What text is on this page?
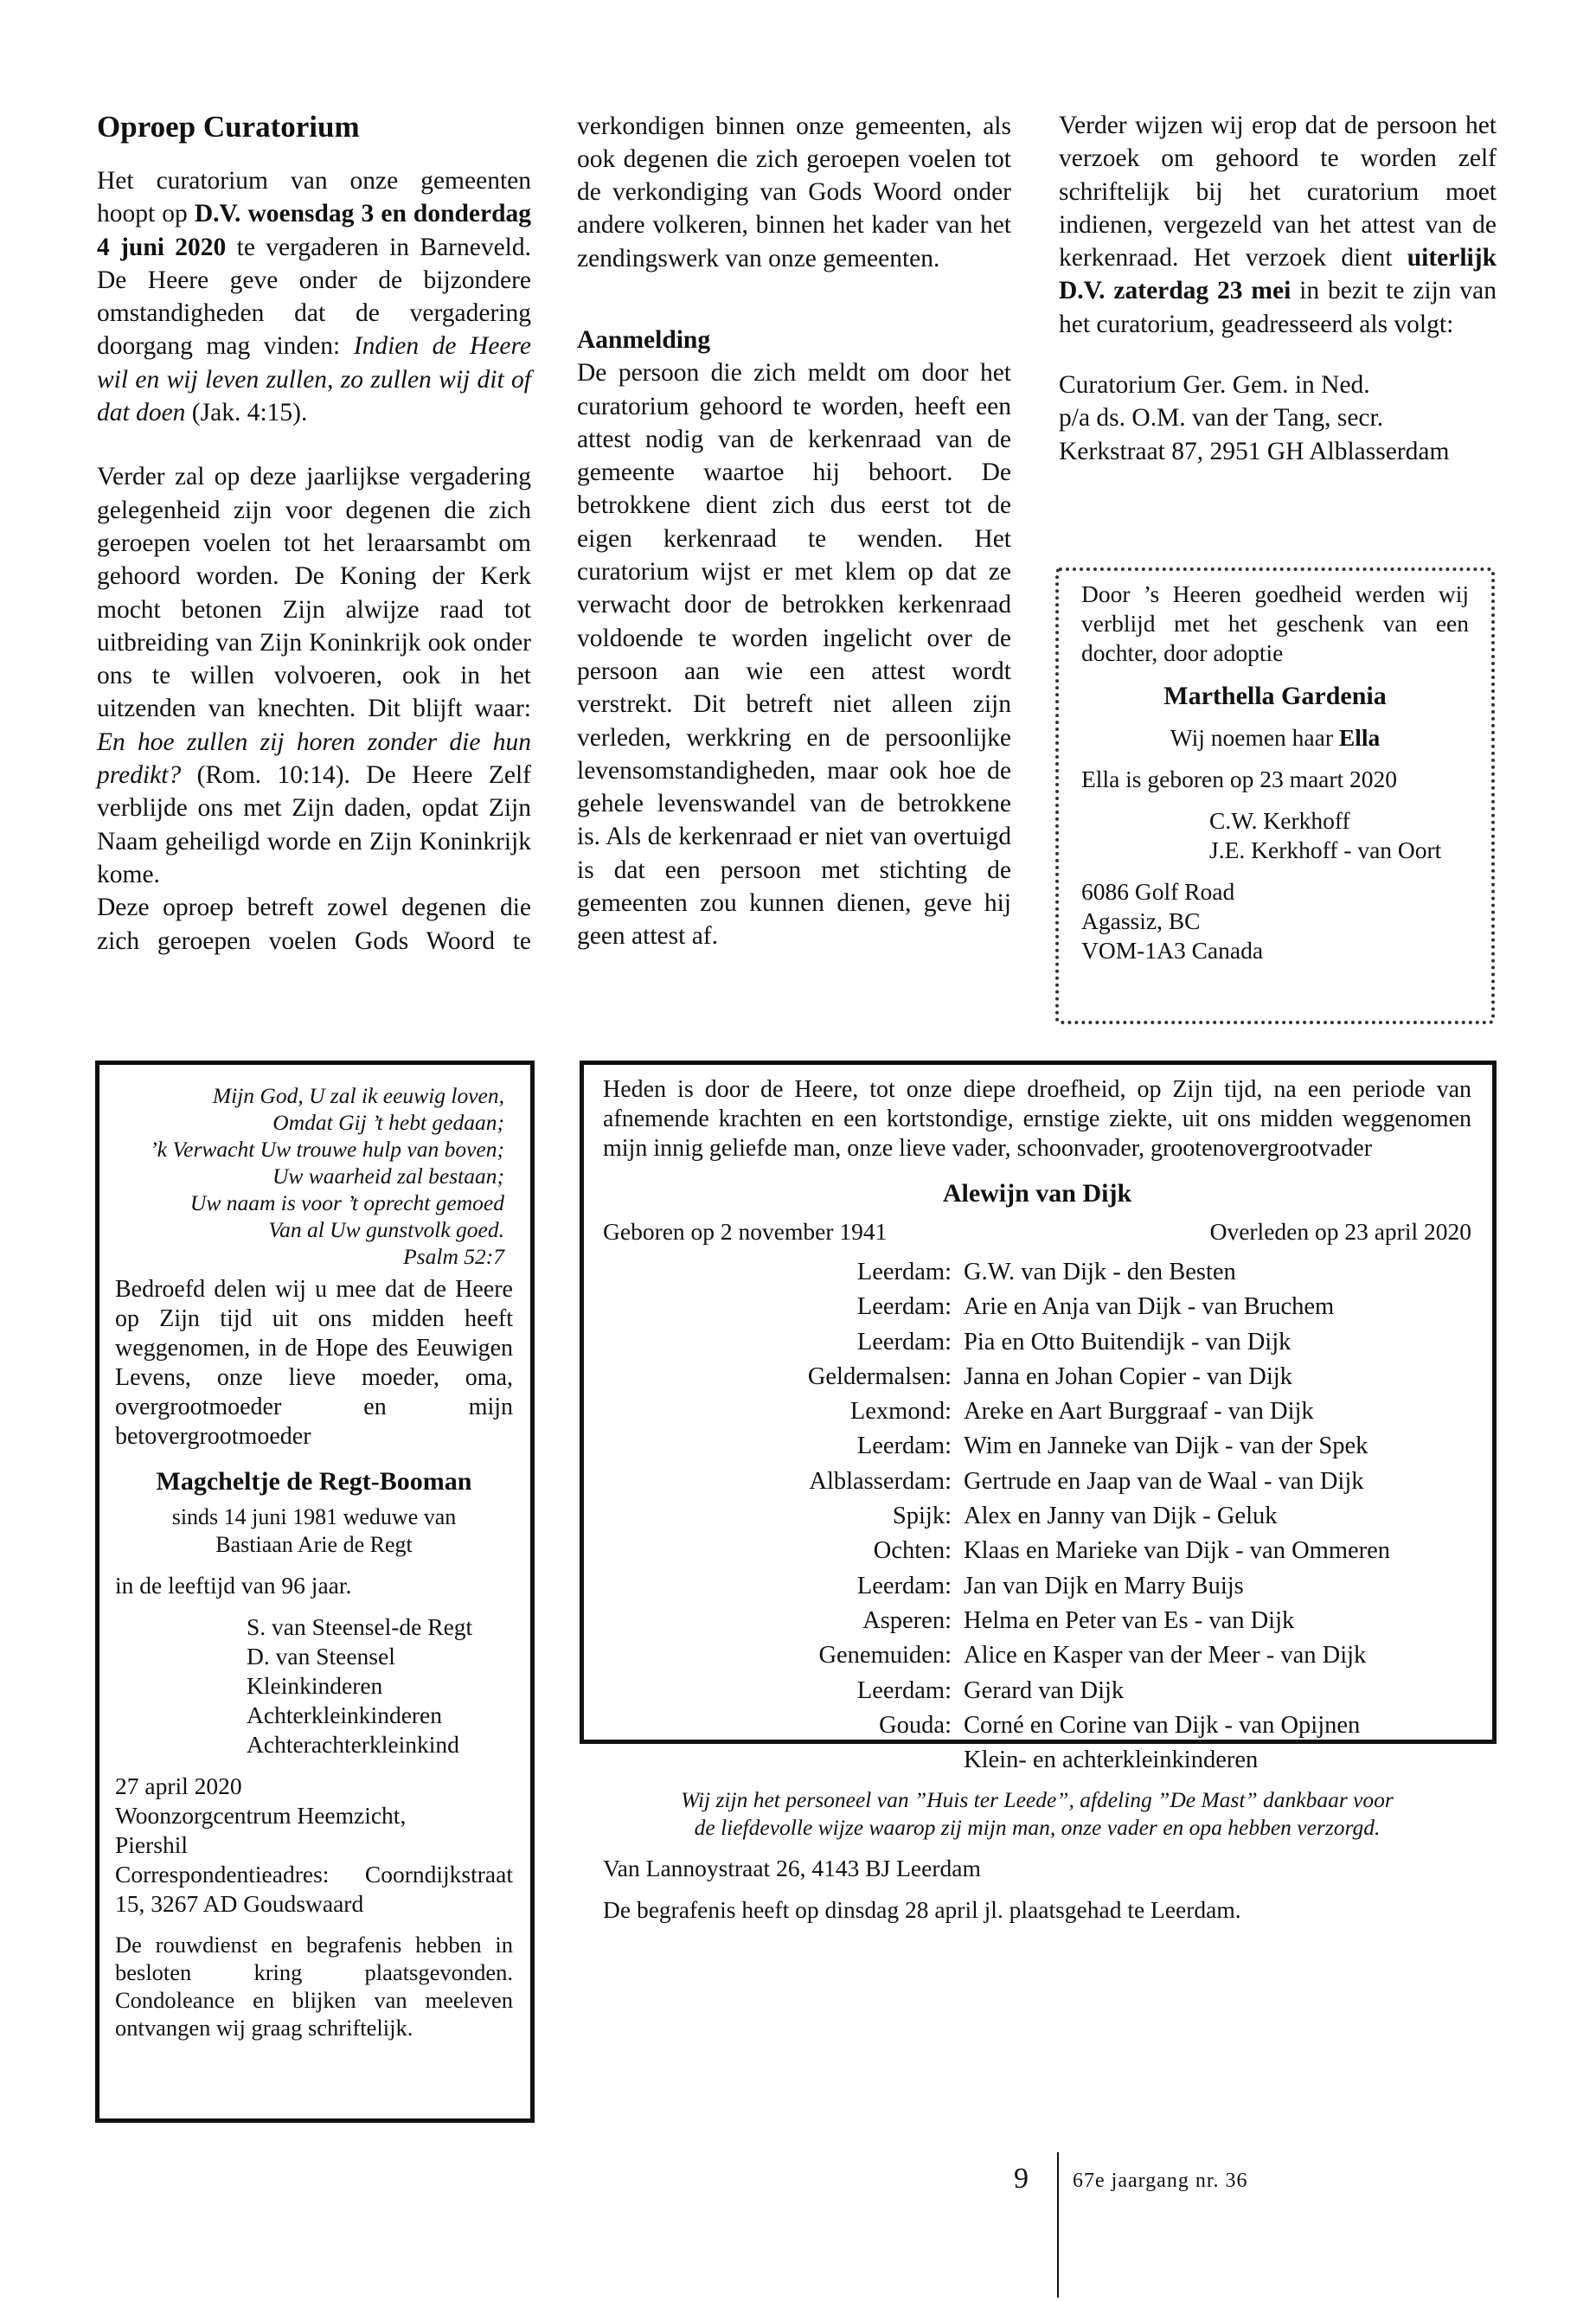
Oproep Curatorium

Het curatorium van onze gemeenten hoopt op D.V. woensdag 3 en donderdag 4 juni 2020 te vergaderen in Barneveld. De Heere geve onder de bijzondere omstandigheden dat de vergadering doorgang mag vinden: Indien de Heere wil en wij leven zullen, zo zullen wij dit of dat doen (Jak. 4:15).

Verder zal op deze jaarlijkse vergadering gelegenheid zijn voor degenen die zich geroepen voelen tot het leraarsambt om gehoord worden. De Koning der Kerk mocht betonen Zijn alwijze raad tot uitbreiding van Zijn Koninkrijk ook onder ons te willen volvoeren, ook in het uitzenden van knechten. Dit blijft waar: En hoe zullen zij horen zonder die hun predikt? (Rom. 10:14). De Heere Zelf verblijde ons met Zijn daden, opdat Zijn Naam geheiligd worde en Zijn Koninkrijk kome.

Deze oproep betreft zowel degenen die zich geroepen voelen Gods Woord te

verkondigen binnen onze gemeenten, als ook degenen die zich geroepen voelen tot de verkondiging van Gods Woord onder andere volkeren, binnen het kader van het zendingswerk van onze gemeenten.

Aanmelding

De persoon die zich meldt om door het curatorium gehoord te worden, heeft een attest nodig van de kerkenraad van de gemeente waartoe hij behoort. De betrokkene dient zich dus eerst tot de eigen kerkenraad te wenden. Het curatorium wijst er met klem op dat ze verwacht door de betrokken kerkenraad voldoende te worden ingelicht over de persoon aan wie een attest wordt verstrekt. Dit betreft niet alleen zijn verleden, werkkring en de persoonlijke levensomstandigheden, maar ook hoe de gehele levenswandel van de betrokkene is. Als de kerkenraad er niet van overtuigd is dat een persoon met stichting de gemeenten zou kunnen dienen, geve hij geen attest af.

Verder wijzen wij erop dat de persoon het verzoek om gehoord te worden zelf schriftelijk bij het curatorium moet indienen, vergezeld van het attest van de kerkenraad. Het verzoek dient uiterlijk D.V. zaterdag 23 mei in bezit te zijn van het curatorium, geadresseerd als volgt:

Curatorium Ger. Gem. in Ned.
p/a ds. O.M. van der Tang, secr.
Kerkstraat 87, 2951 GH Alblasserdam
Door ’s Heeren goedheid werden wij verblijd met het geschenk van een dochter, door adoptie
Marthella Gardenia
Wij noemen haar Ella
Ella is geboren op 23 maart 2020
C.W. Kerkhoff
J.E. Kerkhoff - van Oort
6086 Golf Road
Agassiz, BC
VOM-1A3 Canada
Mijn God, U zal ik eeuwig loven,
Omdat Gij ’t hebt gedaan;
’k Verwacht Uw trouwe hulp van boven;
Uw waarheid zal bestaan;
Uw naam is voor ’t oprecht gemoed
Van al Uw gunstvolk goed.
Psalm 52:7
Bedroefd delen wij u mee dat de Heere op Zijn tijd uit ons midden heeft weggenomen, in de Hope des Eeuwigen Levens, onze lieve moeder, oma, overgrootmoeder en mijn betovergrootmoeder
Magcheltje de Regt-Booman
sinds 14 juni 1981 weduwe van
Bastiaan Arie de Regt
in de leeftijd van 96 jaar.
S. van Steensel-de Regt
D. van Steensel
Kleinkinderen
Achterkleinkinderen
Achterachterkleinkind
27 april 2020
Woonzorgcentrum Heemzicht,
Piershil
Correspondentieadres: Coorndijkstraat 15, 3267 AD Goudswaard
De rouwdienst en begrafenis hebben in besloten kring plaatsgevonden. Condoleance en blijken van meeleven ontvangen wij graag schriftelijk.
Heden is door de Heere, tot onze diepe droefheid, op Zijn tijd, na een periode van afnemende krachten en een kortstondige, ernstige ziekte, uit ons midden weggenomen mijn innig geliefde man, onze lieve vader, schoonvader, grootenovergrootvader
Alewijn van Dijk
Geboren op 2 november 1941	Overleden op 23 april 2020
Leerdam: G.W. van Dijk - den Besten
Leerdam: Arie en Anja van Dijk - van Bruchem
Leerdam: Pia en Otto Buitendijk - van Dijk
Geldermalsen: Janna en Johan Copier - van Dijk
Lexmond: Areke en Aart Burggraaf - van Dijk
Leerdam: Wim en Janneke van Dijk - van der Spek
Alblasserdam: Gertrude en Jaap van de Waal - van Dijk
Spijk: Alex en Janny van Dijk - Geluk
Ochten: Klaas en Marieke van Dijk - van Ommeren
Leerdam: Jan van Dijk en Marry Buijs
Asperen: Helma en Peter van Es - van Dijk
Genemuiden: Alice en Kasper van der Meer - van Dijk
Leerdam: Gerard van Dijk
Gouda: Corné en Corine van Dijk - van Opijnen
Klein- en achterkleinkinderen
Wij zijn het personeel van ”Huis ter Leede”, afdeling ”De Mast” dankbaar voor
de liefdevolle wijze waarop zij mijn man, onze vader en opa hebben verzorgd.
Van Lannoystraat 26, 4143 BJ Leerdam
De begrafenis heeft op dinsdag 28 april jl. plaatsgehad te Leerdam.
9 67e jaargang nr. 36
